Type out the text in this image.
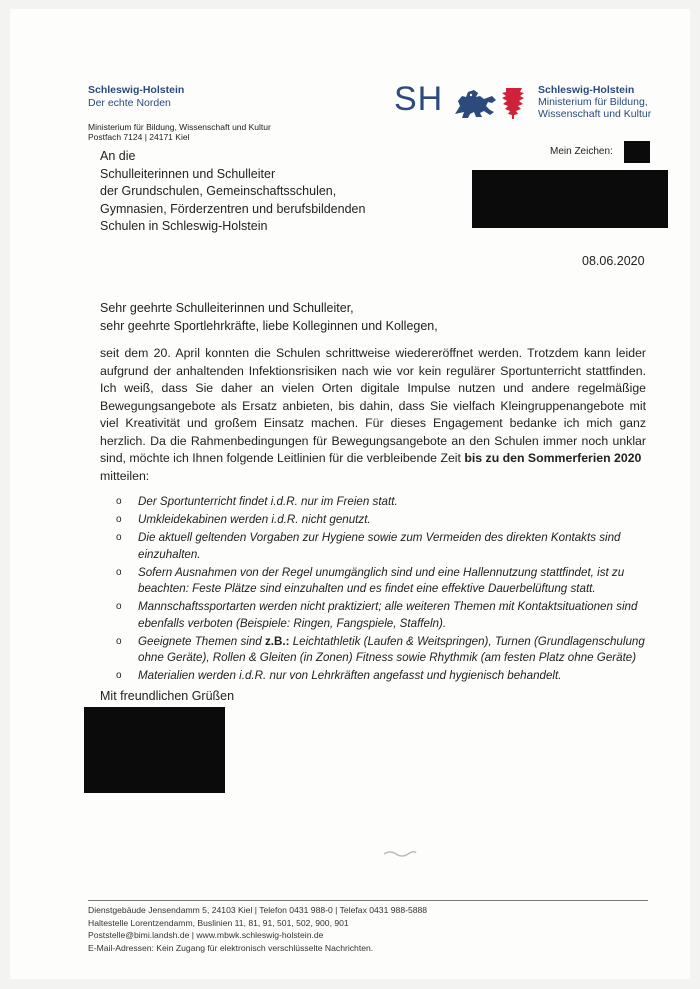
Schleswig-Holstein
Der echte Norden
Ministerium für Bildung, Wissenschaft und Kultur
Postfach 7124 | 24171 Kiel
SH	Schleswig-Holstein
Ministerium für Bildung,
Wissenschaft und Kultur
An die
Schulleiterinnen und Schulleiter
der Grundschulen, Gemeinschaftsschulen,
Gymnasien, Förderzentren und berufsbildenden
Schulen in Schleswig-Holstein
Mein Zeichen:
08.06.2020
Sehr geehrte Schulleiterinnen und Schulleiter,
sehr geehrte Sportlehrkräfte, liebe Kolleginnen und Kollegen,
seit dem 20. April konnten die Schulen schrittweise wiedereröffnet werden. Trotzdem kann leider aufgrund der anhaltenden Infektionsrisiken nach wie vor kein regulärer Sportunterricht stattfinden. Ich weiß, dass Sie daher an vielen Orten digitale Impulse nutzen und andere regelmäßige Bewegungsangebote als Ersatz anbieten, bis dahin, dass Sie vielfach Kleingruppenangebote mit viel Kreativität und großem Einsatz machen. Für dieses Engagement bedanke ich mich ganz herzlich. Da die Rahmenbedingungen für Bewegungsangebote an den Schulen immer noch unklar sind, möchte ich Ihnen folgende Leitlinien für die verbleibende Zeit bis zu den Sommerferien 2020
mitteilen:
o Der Sportunterricht findet i.d.R. nur im Freien statt.
o Umkleidekabinen werden i.d.R. nicht genutzt.
o Die aktuell geltenden Vorgaben zur Hygiene sowie zum Vermeiden des direkten Kontakts sind einzuhalten.
o Sofern Ausnahmen von der Regel unumgänglich sind und eine Hallennutzung stattfindet, ist zu beachten: Feste Plätze sind einzuhalten und es findet eine effektive Dauerbelüftung statt.
o Mannschaftssportarten werden nicht praktiziert; alle weiteren Themen mit Kontaktsituationen sind ebenfalls verboten (Beispiele: Ringen, Fangspiele, Staffeln).
o Geeignete Themen sind z.B.: Leichtathletik (Laufen & Weitspringen), Turnen (Grundlagenschulung ohne Geräte), Rollen & Gleiten (in Zonen) Fitness sowie Rhythmik (am festen Platz ohne Geräte)
o Materialien werden i.d.R. nur von Lehrkräften angefasst und hygienisch behandelt.
Mit freundlichen Grüßen
Dienstgebäude Jensendamm 5, 24103 Kiel | Telefon 0431 988-0 | Telefax 0431 988-5888
Haltestelle Lorentzendamm, Buslinien 11, 81, 91, 501, 502, 900, 901
Poststelle@bimi.landsh.de | www.mbwk.schleswig-holstein.de
E-Mail-Adressen: Kein Zugang für elektronisch verschlüsselte Nachrichten.
